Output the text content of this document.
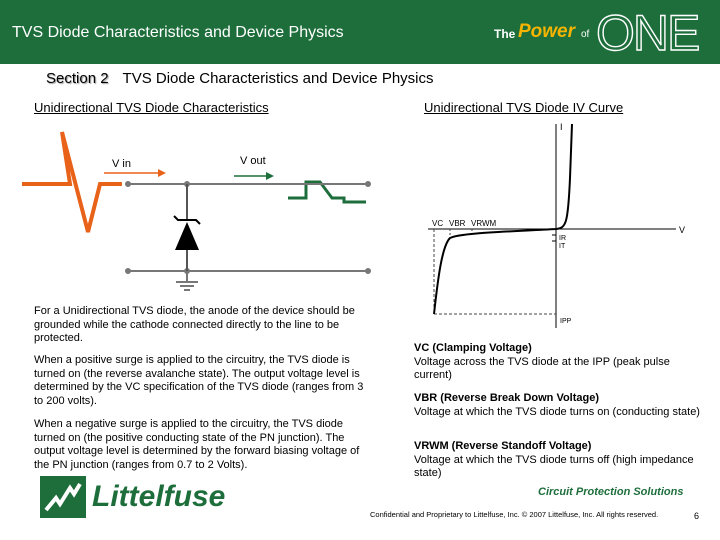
TVS Diode Characteristics and Device Physics	The Power of ONE
Section 2 TVS Diode Characteristics and Device Physics
Unidirectional TVS Diode Characteristics	Unidirectional TVS Diode IV Curve
V in	V out
For a Unidirectional TVS diode, the anode of the device should be grounded while the cathode connected directly to the line to be protected.
When a positive surge is applied to the circuitry, the TVS diode is turned on (the reverse avalanche state). The output voltage level is determined by the VC specification of the TVS diode (ranges from 3 to 200 volts).
When a negative surge is applied to the circuitry, the TVS diode turned on (the positive conducting state of the PN junction). The output voltage level is determined by the forward biasing voltage of the PN junction (ranges from 0.7 to 2 Volts).
I
V
VC VBR VRWM
IR
IT
IPP
VC (Clamping Voltage)
Voltage across the TVS diode at the IPP (peak pulse current)
VBR (Reverse Break Down Voltage)
Voltage at which the TVS diode turns on (conducting state)
VRWM (Reverse Standoff Voltage)
Voltage at which the TVS diode turns off (high impedance state)
Littelfuse	Circuit Protection Solutions
Confidential and Proprietary to Littelfuse, Inc. © 2007 Littelfuse, Inc. All rights reserved.	6
